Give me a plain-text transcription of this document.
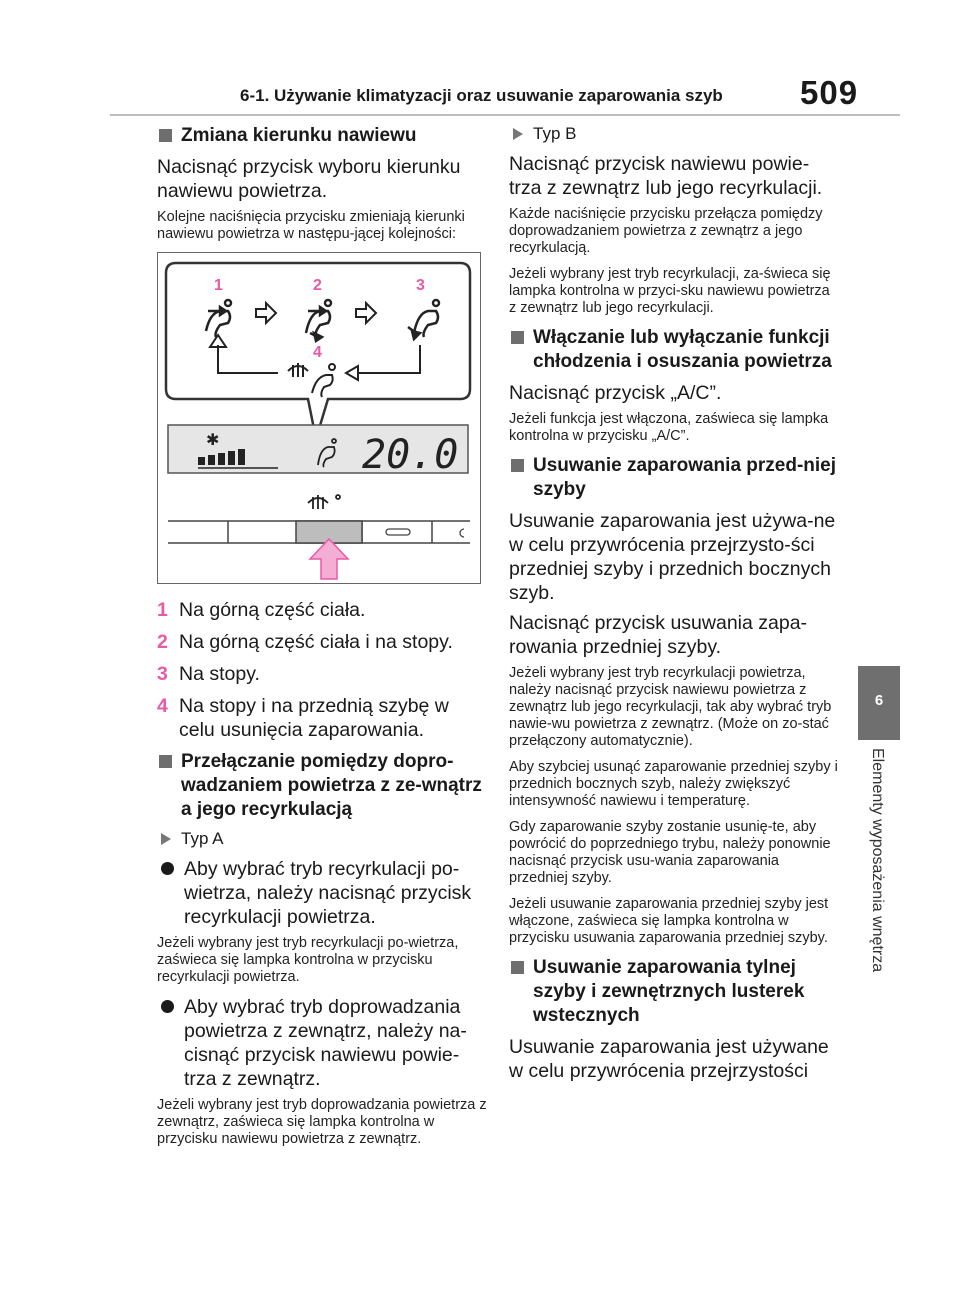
6-1. Używanie klimatyzacji oraz usuwanie zaparowania szyb 509
6
Elementy wyposażenia wnętrza
Zmiana kierunku nawiewu
Nacisnąć przycisk wyboru kierunku nawiewu powietrza.
Kolejne naciśnięcia przycisku zmieniają kierunki nawiewu powietrza w następu-jącej kolejności:
1	2	3
4
✱	20.0
1 Na górną część ciała.
2 Na górną część ciała i na stopy.
3 Na stopy.
4 Na stopy i na przednią szybę w celu usunięcia zaparowania.
Przełączanie pomiędzy dopro-wadzaniem powietrza z ze-wnątrz a jego recyrkulacją
Typ A
Aby wybrać tryb recyrkulacji po-wietrza, należy nacisnąć przycisk recyrkulacji powietrza.
Jeżeli wybrany jest tryb recyrkulacji po-wietrza, zaświeca się lampka kontrolna w przycisku recyrkulacji powietrza.
Aby wybrać tryb doprowadzania powietrza z zewnątrz, należy na-cisnąć przycisk nawiewu powie-trza z zewnątrz.
Jeżeli wybrany jest tryb doprowadzania powietrza z zewnątrz, zaświeca się lampka kontrolna w przycisku nawiewu powietrza z zewnątrz.
Typ B
Nacisnąć przycisk nawiewu powie-trza z zewnątrz lub jego recyrkulacji.
Każde naciśnięcie przycisku przełącza pomiędzy doprowadzaniem powietrza z zewnątrz a jego recyrkulacją.
Jeżeli wybrany jest tryb recyrkulacji, za-świeca się lampka kontrolna w przyci-sku nawiewu powietrza z zewnątrz lub jego recyrkulacji.
Włączanie lub wyłączanie funkcji chłodzenia i osuszania powietrza
Nacisnąć przycisk „A/C”.
Jeżeli funkcja jest włączona, zaświeca się lampka kontrolna w przycisku „A/C”.
Usuwanie zaparowania przed-niej szyby
Usuwanie zaparowania jest używa-ne w celu przywrócenia przejrzysto-ści przedniej szyby i przednich bocznych szyb.
Nacisnąć przycisk usuwania zapa-rowania przedniej szyby.
Jeżeli wybrany jest tryb recyrkulacji powietrza, należy nacisnąć przycisk nawiewu powietrza z zewnątrz lub jego recyrkulacji, tak aby wybrać tryb nawie-wu powietrza z zewnątrz. (Może on zo-stać przełączony automatycznie).
Aby szybciej usunąć zaparowanie przedniej szyby i przednich bocznych szyb, należy zwiększyć intensywność nawiewu i temperaturę.
Gdy zaparowanie szyby zostanie usunię-te, aby powrócić do poprzedniego trybu, należy ponownie nacisnąć przycisk usu-wania zaparowania przedniej szyby.
Jeżeli usuwanie zaparowania przedniej szyby jest włączone, zaświeca się lampka kontrolna w przycisku usuwania zaparowania przedniej szyby.
Usuwanie zaparowania tylnej szyby i zewnętrznych lusterek wstecznych
Usuwanie zaparowania jest używane w celu przywrócenia przejrzystości
